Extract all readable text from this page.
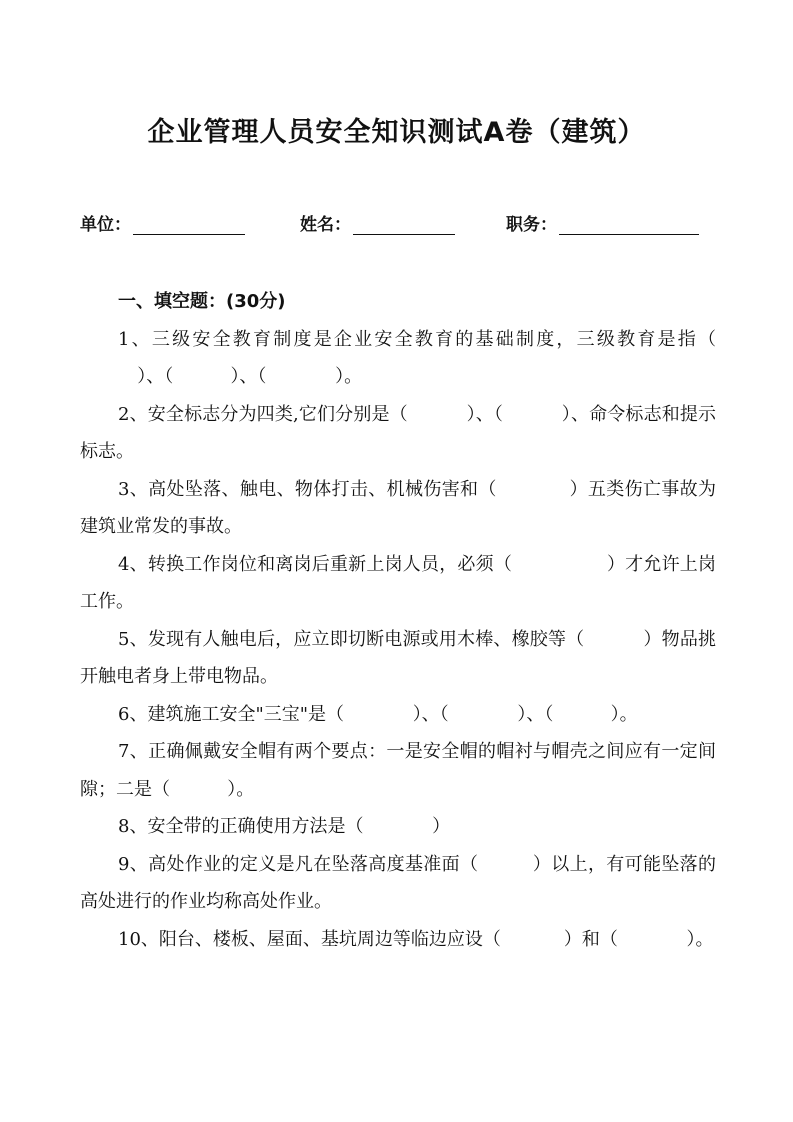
企业管理人员安全知识测试A卷（建筑）
单位：	姓名：	职务：
一、填空题：(30分)

1、三级安全教育制度是企业安全教育的基础制度，三级教育是指（          ）、（	）、（	）。

2、安全标志分为四类,它们分别是（	）、（	）、命令标志和提示标志。

3、高处坠落、触电、物体打击、机械伤害和（	）五类伤亡事故为建筑业常发的事故。

4、转换工作岗位和离岗后重新上岗人员，必须（	）才允许上岗工作。

5、发现有人触电后，应立即切断电源或用木棒、橡胶等（	）物品挑开触电者身上带电物品。

6、建筑施工安全"三宝"是（	）、（	）、（	）。

7、正确佩戴安全帽有两个要点：一是安全帽的帽衬与帽壳之间应有一定间隙；二是（	）。

8、安全带的正确使用方法是（	）

9、高处作业的定义是凡在坠落高度基准面（	）以上，有可能坠落的高处进行的作业均称高处作业。

10、阳台、楼板、屋面、基坑周边等临边应设（	）和（	）。
